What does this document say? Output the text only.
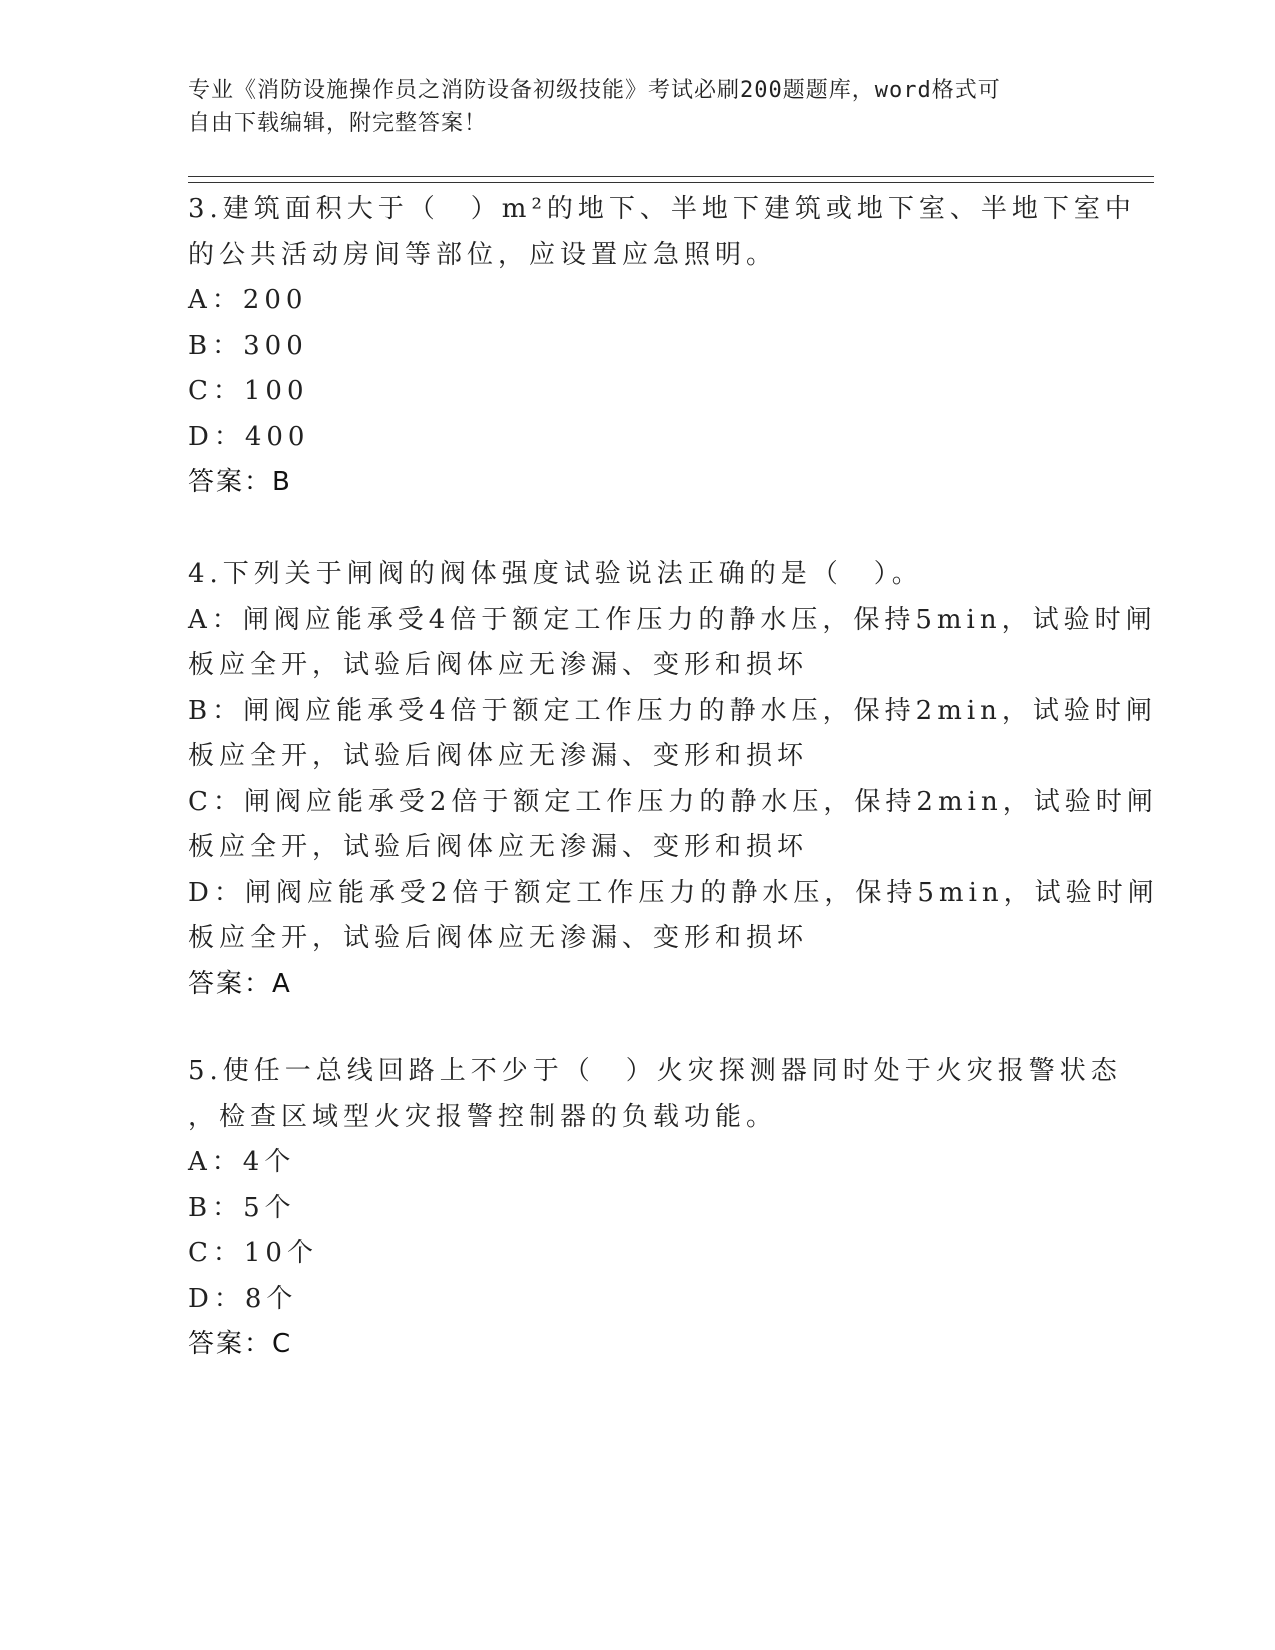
专业《消防设施操作员之消防设备初级技能》考试必刷200题题库，word格式可
自由下载编辑，附完整答案！
3.建筑面积大于（　）m²的地下、半地下建筑或地下室、半地下室中
的公共活动房间等部位，应设置应急照明。
A：200
B：300
C：100
D：400
答案：B
4.下列关于闸阀的阀体强度试验说法正确的是（　）。
A：闸阀应能承受4倍于额定工作压力的静水压，保持5min，试验时闸
板应全开，试验后阀体应无渗漏、变形和损坏
B：闸阀应能承受4倍于额定工作压力的静水压，保持2min，试验时闸
板应全开，试验后阀体应无渗漏、变形和损坏
C：闸阀应能承受2倍于额定工作压力的静水压，保持2min，试验时闸
板应全开，试验后阀体应无渗漏、变形和损坏
D：闸阀应能承受2倍于额定工作压力的静水压，保持5min，试验时闸
板应全开，试验后阀体应无渗漏、变形和损坏
答案：A
5.使任一总线回路上不少于（　）火灾探测器同时处于火灾报警状态
，检查区域型火灾报警控制器的负载功能。
A：4个
B：5个
C：10个
D：8个
答案：C
